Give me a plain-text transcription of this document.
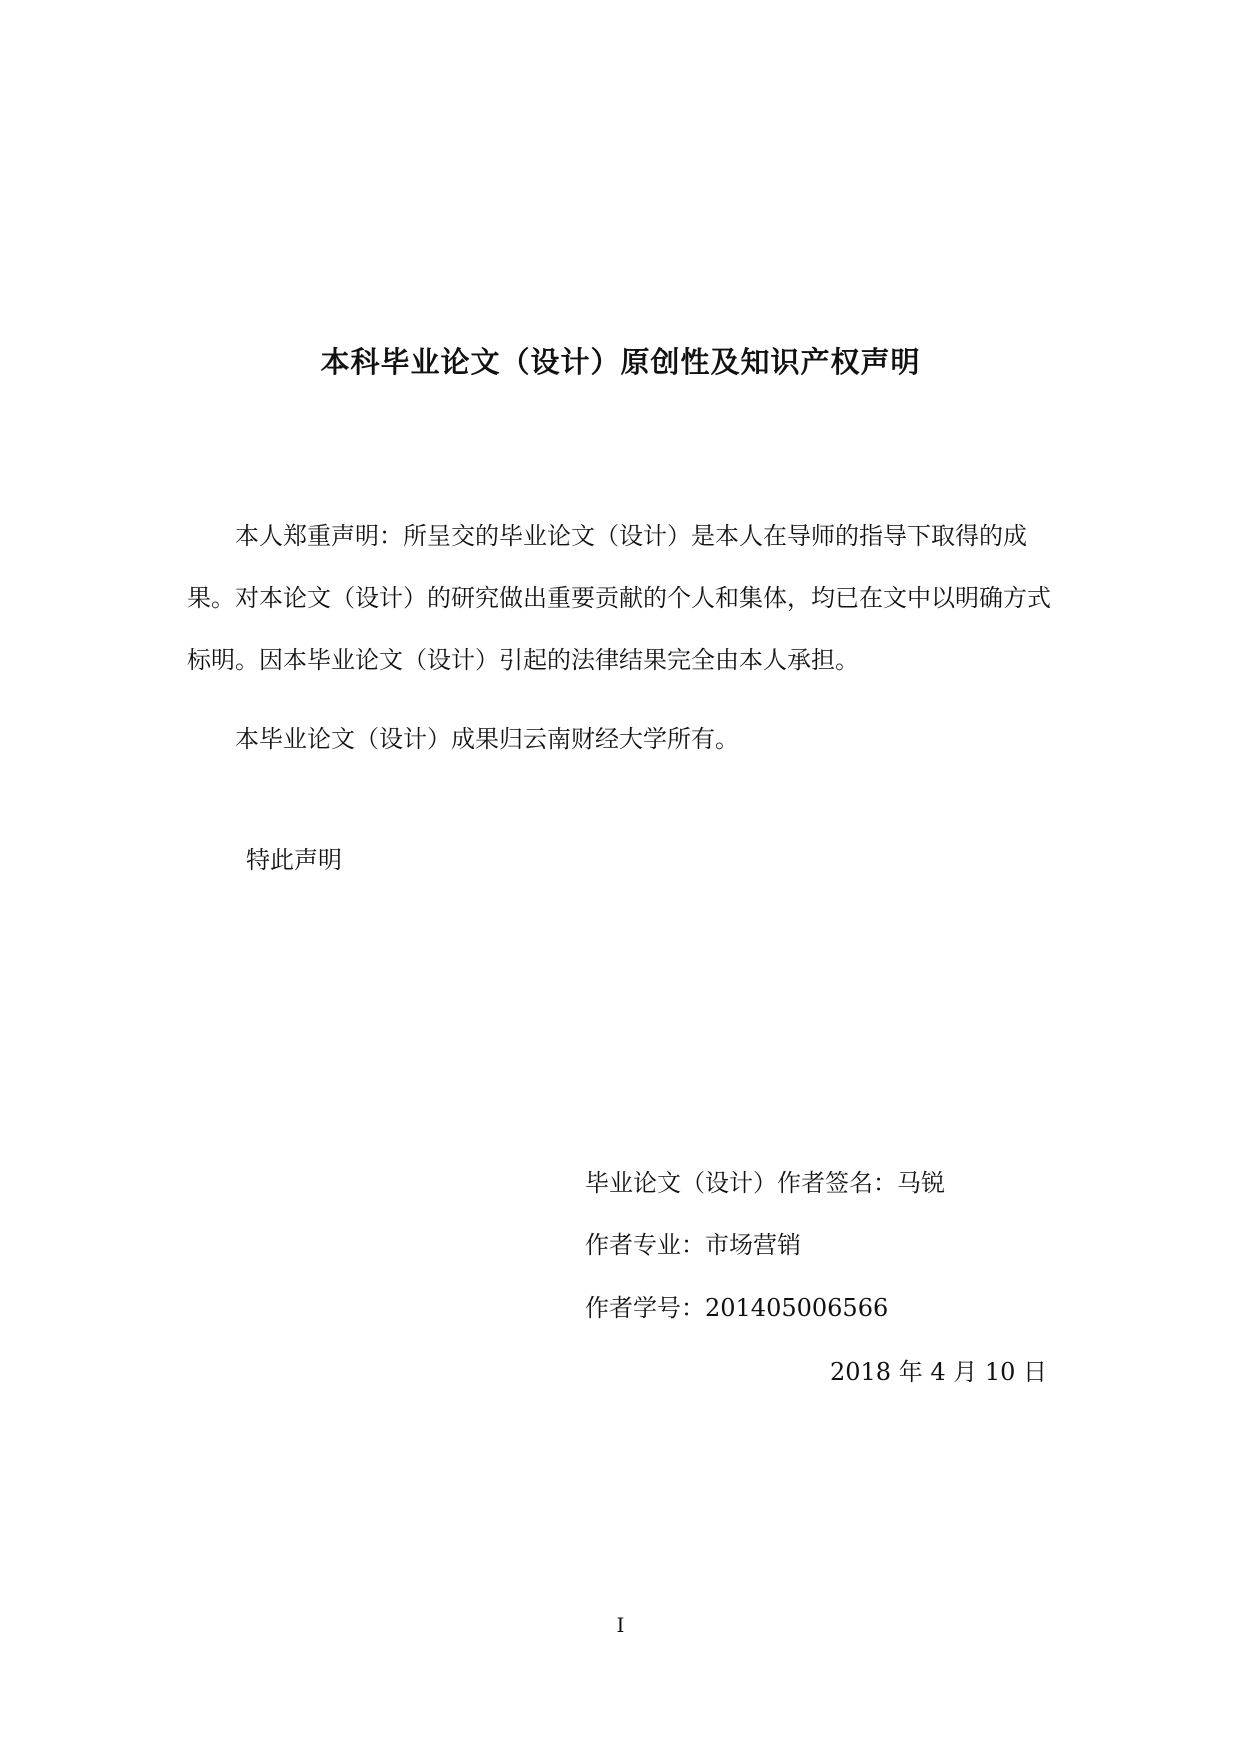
本科毕业论文（设计）原创性及知识产权声明
本人郑重声明：所呈交的毕业论文（设计）是本人在导师的指导下取得的成果。对本论文（设计）的研究做出重要贡献的个人和集体，均已在文中以明确方式标明。因本毕业论文（设计）引起的法律结果完全由本人承担。
本毕业论文（设计）成果归云南财经大学所有。
特此声明
毕业论文（设计）作者签名：马锐
作者专业：市场营销
作者学号：201405006566
2018 年 4 月 10 日
I
